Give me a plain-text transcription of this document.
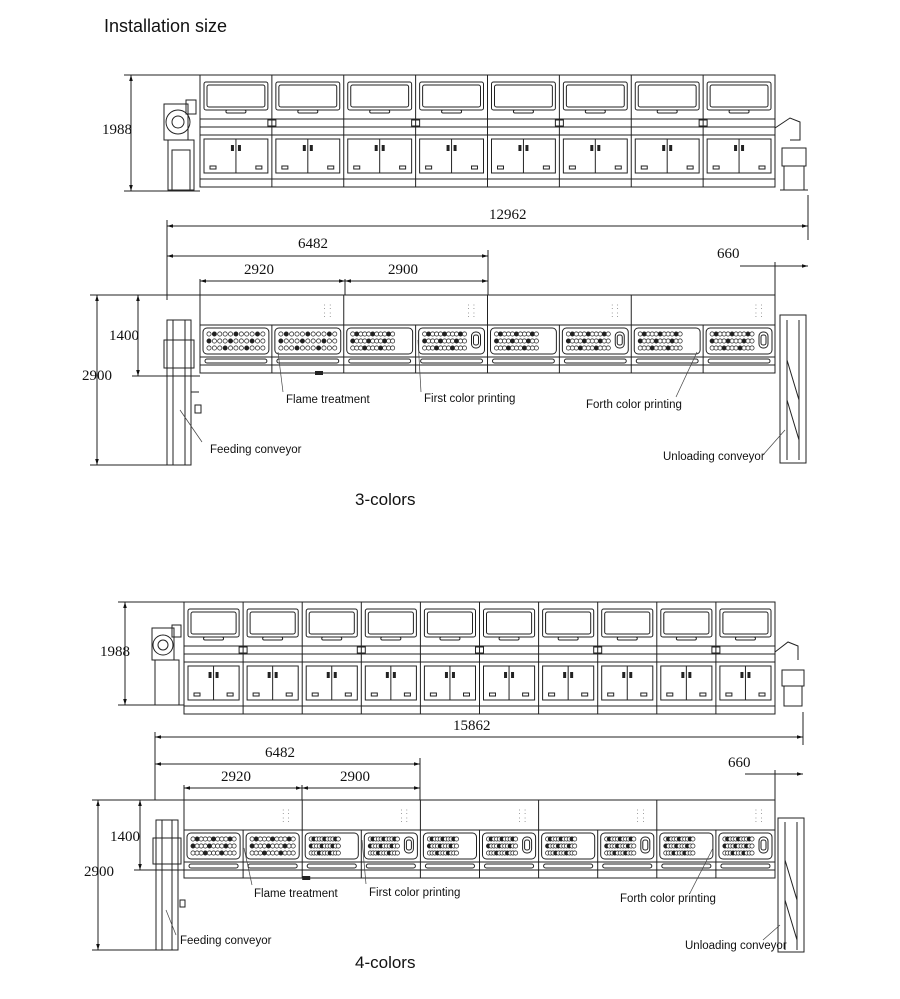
Installation size
3-colors
4-colors
1988
12962
6482
2920	2900
660
1400
2900
⁚ ⁚
⁚ ⁚
⁚ ⁚
⁚ ⁚
⁚ ⁚
⁚ ⁚
⁚ ⁚
⁚ ⁚
Flame treatment	First color printing	Forth color printing
Feeding conveyor
Unloading conveyor
1988
15862
6482
2920	2900
660
1400
2900
⁚ ⁚
⁚ ⁚
⁚ ⁚
⁚ ⁚
⁚ ⁚
⁚ ⁚
⁚ ⁚
⁚ ⁚
⁚ ⁚
⁚ ⁚
Flame treatment	First color printing	Forth color printing
Feeding conveyor	Unloading conveyor
